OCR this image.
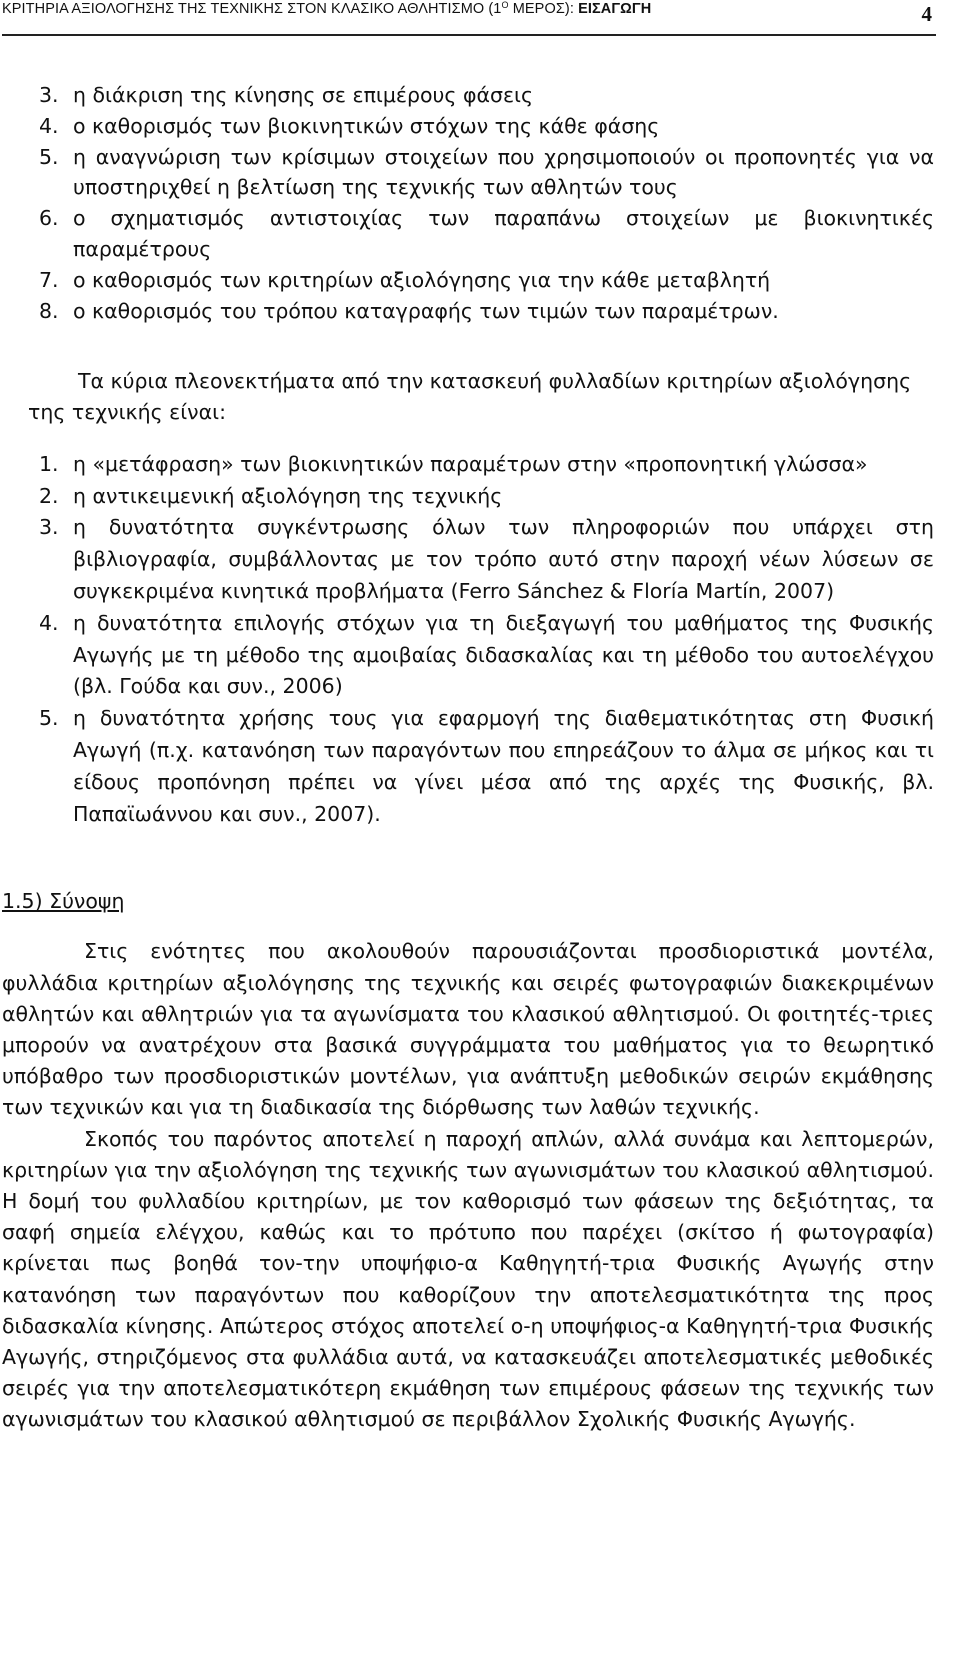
ΚΡΙΤΗΡΙΑ ΑΞΙΟΛΟΓΗΣΗΣ ΤΗΣ ΤΕΧΝΙΚΗΣ ΣΤΟΝ ΚΛΑΣΙΚΟ ΑΘΛΗΤΙΣΜΟ ($1^O$ ΜΕΡΟΣ): ΕΙΣΑΓΩΓΗ	4
3. η διάκριση της κίνησης σε επιμέρους φάσεις
4. ο καθορισμός των βιοκινητικών στόχων της κάθε φάσης
5. η αναγνώριση των κρίσιμων στοιχείων που χρησιμοποιούν οι προπονητές για να υποστηριχθεί η βελτίωση της τεχνικής των αθλητών τους
6. ο σχηματισμός αντιστοιχίας των παραπάνω στοιχείων με βιοκινητικές παραμέτρους
7. ο καθορισμός των κριτηρίων αξιολόγησης για την κάθε μεταβλητή
8. ο καθορισμός του τρόπου καταγραφής των τιμών των παραμέτρων.

Τα κύρια πλεονεκτήματα από την κατασκευή φυλλαδίων κριτηρίων αξιολόγησης της τεχνικής είναι:

1. η «μετάφραση» των βιοκινητικών παραμέτρων στην «προπονητική γλώσσα»
2. η αντικειμενική αξιολόγηση της τεχνικής
3. η δυνατότητα συγκέντρωσης όλων των πληροφοριών που υπάρχει στη βιβλιογραφία, συμβάλλοντας με τον τρόπο αυτό στην παροχή νέων λύσεων σε συγκεκριμένα κινητικά προβλήματα (Ferro Sánchez & Floría Martín, 2007)
4. η δυνατότητα επιλογής στόχων για τη διεξαγωγή του μαθήματος της Φυσικής Αγωγής με τη μέθοδο της αμοιβαίας διδασκαλίας και τη μέθοδο του αυτοελέγχου (βλ. Γούδα και συν., 2006)
5. η δυνατότητα χρήσης τους για εφαρμογή της διαθεματικότητας στη Φυσική Αγωγή (π.χ. κατανόηση των παραγόντων που επηρεάζουν το άλμα σε μήκος και τι είδους προπόνηση πρέπει να γίνει μέσα από της αρχές της Φυσικής, βλ. Παπαϊωάννου και συν., 2007).
1.5) Σύνοψη

Στις ενότητες που ακολουθούν παρουσιάζονται προσδιοριστικά μοντέλα, φυλλάδια κριτηρίων αξιολόγησης της τεχνικής και σειρές φωτογραφιών διακεκριμένων αθλητών και αθλητριών για τα αγωνίσματα του κλασικού αθλητισμού. Οι φοιτητές-τριες μπορούν να ανατρέχουν στα βασικά συγγράμματα του μαθήματος για το θεωρητικό υπόβαθρο των προσδιοριστικών μοντέλων, για ανάπτυξη μεθοδικών σειρών εκμάθησης των τεχνικών και για τη διαδικασία της διόρθωσης των λαθών τεχνικής.

Σκοπός του παρόντος αποτελεί η παροχή απλών, αλλά συνάμα και λεπτομερών, κριτηρίων για την αξιολόγηση της τεχνικής των αγωνισμάτων του κλασικού αθλητισμού. Η δομή του φυλλαδίου κριτηρίων, με τον καθορισμό των φάσεων της δεξιότητας, τα σαφή σημεία ελέγχου, καθώς και το πρότυπο που παρέχει (σκίτσο ή φωτογραφία) κρίνεται πως βοηθά τον-την υποψήφιο-α Καθηγητή-τρια Φυσικής Αγωγής στην κατανόηση των παραγόντων που καθορίζουν την αποτελεσματικότητα της προς διδασκαλία κίνησης. Απώτερος στόχος αποτελεί ο-η υποψήφιος-α Καθηγητή-τρια Φυσικής Αγωγής, στηριζόμενος στα φυλλάδια αυτά, να κατασκευάζει αποτελεσματικές μεθοδικές σειρές για την αποτελεσματικότερη εκμάθηση των επιμέρους φάσεων της τεχνικής των αγωνισμάτων του κλασικού αθλητισμού σε περιβάλλον Σχολικής Φυσικής Αγωγής.
